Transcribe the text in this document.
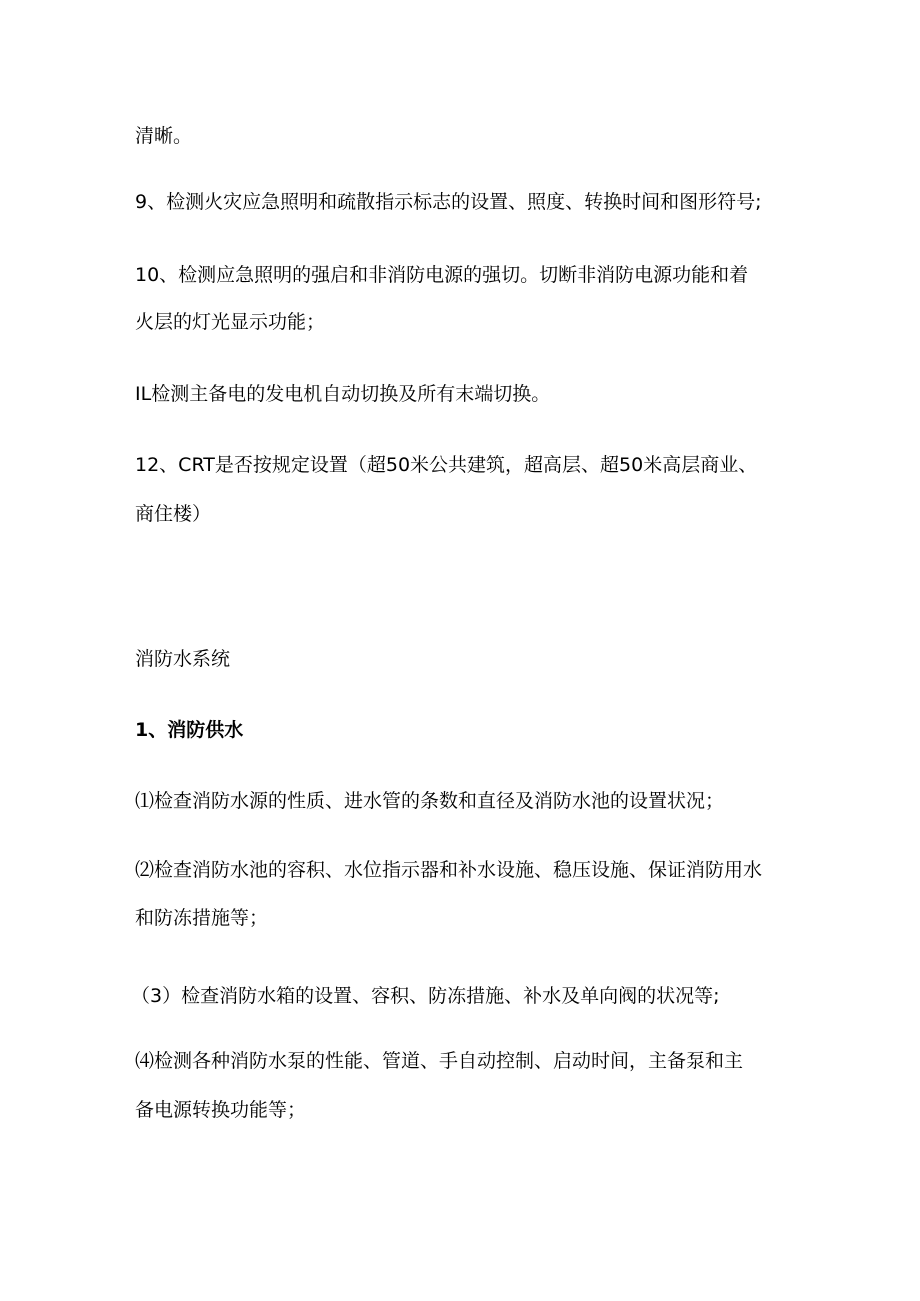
清晰。

9、检测火灾应急照明和疏散指示标志的设置、照度、转换时间和图形符号;

10、检测应急照明的强启和非消防电源的强切。切断非消防电源功能和着

火层的灯光显示功能；

IL检测主备电的发电机自动切换及所有末端切换。

12、CRT是否按规定设置（超50米公共建筑，超高层、超50米高层商业、

商住楼）

消防水系统
1、消防供水

⑴检查消防水源的性质、进水管的条数和直径及消防水池的设置状况；

⑵检查消防水池的容积、水位指示器和补水设施、稳压设施、保证消防用水

和防冻措施等；

（3）检查消防水箱的设置、容积、防冻措施、补水及单向阀的状况等;

⑷检测各种消防水泵的性能、管道、手自动控制、启动时间，主备泵和主

备电源转换功能等；
